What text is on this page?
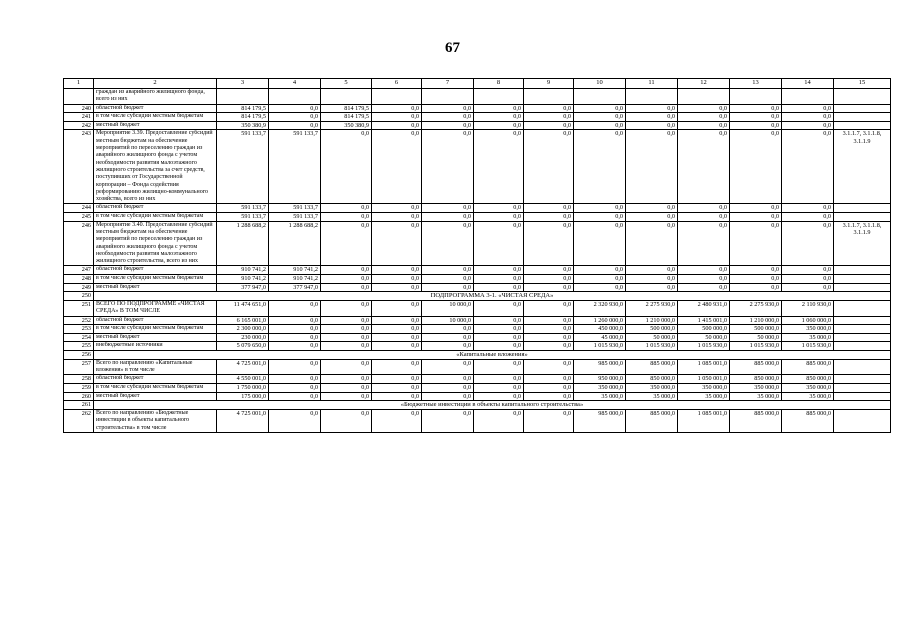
67
1	2	3	4	5	6	7	8	9	10	11	12	13	14	15
	граждан из аварийного жилищного фонда, всего из них													
240	областной бюджет	814 179,5	0,0	814 179,5	0,0	0,0	0,0	0,0	0,0	0,0	0,0	0,0	0,0	
241	в том числе субсидии местным бюджетам	814 179,5	0,0	814 179,5	0,0	0,0	0,0	0,0	0,0	0,0	0,0	0,0	0,0	
242	местный бюджет	350 380,9	0,0	350 380,9	0,0	0,0	0,0	0,0	0,0	0,0	0,0	0,0	0,0	
243	Мероприятие 3.39. Предоставление субсидий местным бюджетам на обеспечение мероприятий по переселению граждан из аварийного жилищного фонда с учетом необходимости развития малоэтажного жилищного строительства за счет средств, поступивших от Государственной корпорации – Фонда содействия реформированию жилищно-коммунального хозяйства, всего из них	591 133,7	591 133,7	0,0	0,0	0,0	0,0	0,0	0,0	0,0	0,0	0,0	0,0	3.1.1.7, 3.1.1.8, 3.1.1.9
244	областной бюджет	591 133,7	591 133,7	0,0	0,0	0,0	0,0	0,0	0,0	0,0	0,0	0,0	0,0	
245	в том числе субсидии местным бюджетам	591 133,7	591 133,7	0,0	0,0	0,0	0,0	0,0	0,0	0,0	0,0	0,0	0,0	
246	Мероприятие 3.40. Предоставление субсидий местным бюджетам на обеспечение мероприятий по переселению граждан из аварийного жилищного фонда с учетом необходимости развития малоэтажного жилищного строительства, всего из них	1 288 688,2	1 288 688,2	0,0	0,0	0,0	0,0	0,0	0,0	0,0	0,0	0,0	0,0	3.1.1.7, 3.1.1.8, 3.1.1.9
247	областной бюджет	910 741,2	910 741,2	0,0	0,0	0,0	0,0	0,0	0,0	0,0	0,0	0,0	0,0	
248	в том числе субсидии местным бюджетам	910 741,2	910 741,2	0,0	0,0	0,0	0,0	0,0	0,0	0,0	0,0	0,0	0,0	
249	местный бюджет	377 947,0	377 947,0	0,0	0,0	0,0	0,0	0,0	0,0	0,0	0,0	0,0	0,0	
250	ПОДПРОГРАММА 3-1. «ЧИСТАЯ СРЕДА»													
251	ВСЕГО ПО ПОДПРОГРАММЕ «ЧИСТАЯ СРЕДА» В ТОМ ЧИСЛЕ	11 474 651,0	0,0	0,0	0,0	10 000,0	0,0	0,0	2 320 930,0	2 275 930,0	2 480 931,0	2 275 930,0	2 110 930,0	
252	областной бюджет	6 165 001,0	0,0	0,0	0,0	10 000,0	0,0	0,0	1 260 000,0	1 210 000,0	1 415 001,0	1 210 000,0	1 060 000,0	
253	в том числе субсидии местным бюджетам	2 300 000,0	0,0	0,0	0,0	0,0	0,0	0,0	450 000,0	500 000,0	500 000,0	500 000,0	350 000,0	
254	местный бюджет	230 000,0	0,0	0,0	0,0	0,0	0,0	0,0	45 000,0	50 000,0	50 000,0	50 000,0	35 000,0	
255	внебюджетные источники	5 079 650,0	0,0	0,0	0,0	0,0	0,0	0,0	1 015 930,0	1 015 930,0	1 015 930,0	1 015 930,0	1 015 930,0	
256	«Капитальные вложения»													
257	Всего по направлению «Капитальные вложения» в том числе	4 725 001,0	0,0	0,0	0,0	0,0	0,0	0,0	985 000,0	885 000,0	1 085 001,0	885 000,0	885 000,0	
258	областной бюджет	4 550 001,0	0,0	0,0	0,0	0,0	0,0	0,0	950 000,0	850 000,0	1 050 001,0	850 000,0	850 000,0	
259	в том числе субсидии местным бюджетам	1 750 000,0	0,0	0,0	0,0	0,0	0,0	0,0	350 000,0	350 000,0	350 000,0	350 000,0	350 000,0	
260	местный бюджет	175 000,0	0,0	0,0	0,0	0,0	0,0	0,0	35 000,0	35 000,0	35 000,0	35 000,0	35 000,0	
261	«Бюджетные инвестиции в объекты капитального строительства»													
262	Всего по направлению «Бюджетные инвестиции в объекты капитального строительства» в том числе	4 725 001,0	0,0	0,0	0,0	0,0	0,0	0,0	985 000,0	885 000,0	1 085 001,0	885 000,0	885 000,0	
